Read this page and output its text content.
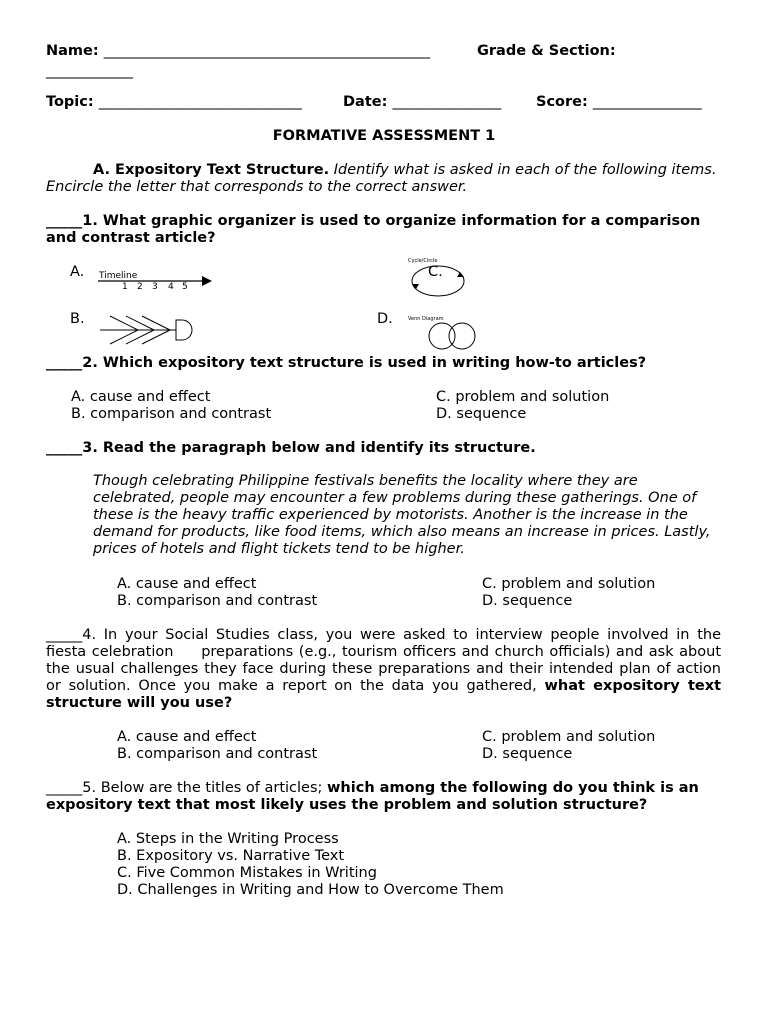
Name: _____________________________________________	Grade & Section:
____________
Topic: ____________________________	Date: _______________ Score: _______________
FORMATIVE ASSESSMENT 1
A. Expository Text Structure. Identify what is asked in each of the following items. Encircle the letter that corresponds to the correct answer.
_____1. What graphic organizer is used to organize information for a comparison and contrast article?
A. Timeline
1 2 3 4 5
Cycle/Circle
C.
B.	D.	Venn Diagram
_____2. Which expository text structure is used in writing how-to articles?
A. cause and effect
B. comparison and contrast
C. problem and solution
D. sequence
_____3. Read the paragraph below and identify its structure.
Though celebrating Philippine festivals benefits the locality where they are celebrated, people may encounter a few problems during these gatherings. One of these is the heavy traffic experienced by motorists. Another is the increase in the demand for products, like food items, which also means an increase in prices. Lastly, prices of hotels and flight tickets tend to be higher.
A. cause and effect
B. comparison and contrast
C. problem and solution
D. sequence
_____4. In your Social Studies class, you were asked to interview people involved in the fiesta celebration     preparations (e.g., tourism officers and church officials) and ask about the usual challenges they face during these preparations and their intended plan of action or solution. Once you make a report on the data you gathered, what expository text structure will you use?
A. cause and effect
B. comparison and contrast
C. problem and solution
D. sequence
_____5. Below are the titles of articles; which among the following do you think is an expository text that most likely uses the problem and solution structure?
A. Steps in the Writing Process
B. Expository vs. Narrative Text
C. Five Common Mistakes in Writing
D. Challenges in Writing and How to Overcome Them
